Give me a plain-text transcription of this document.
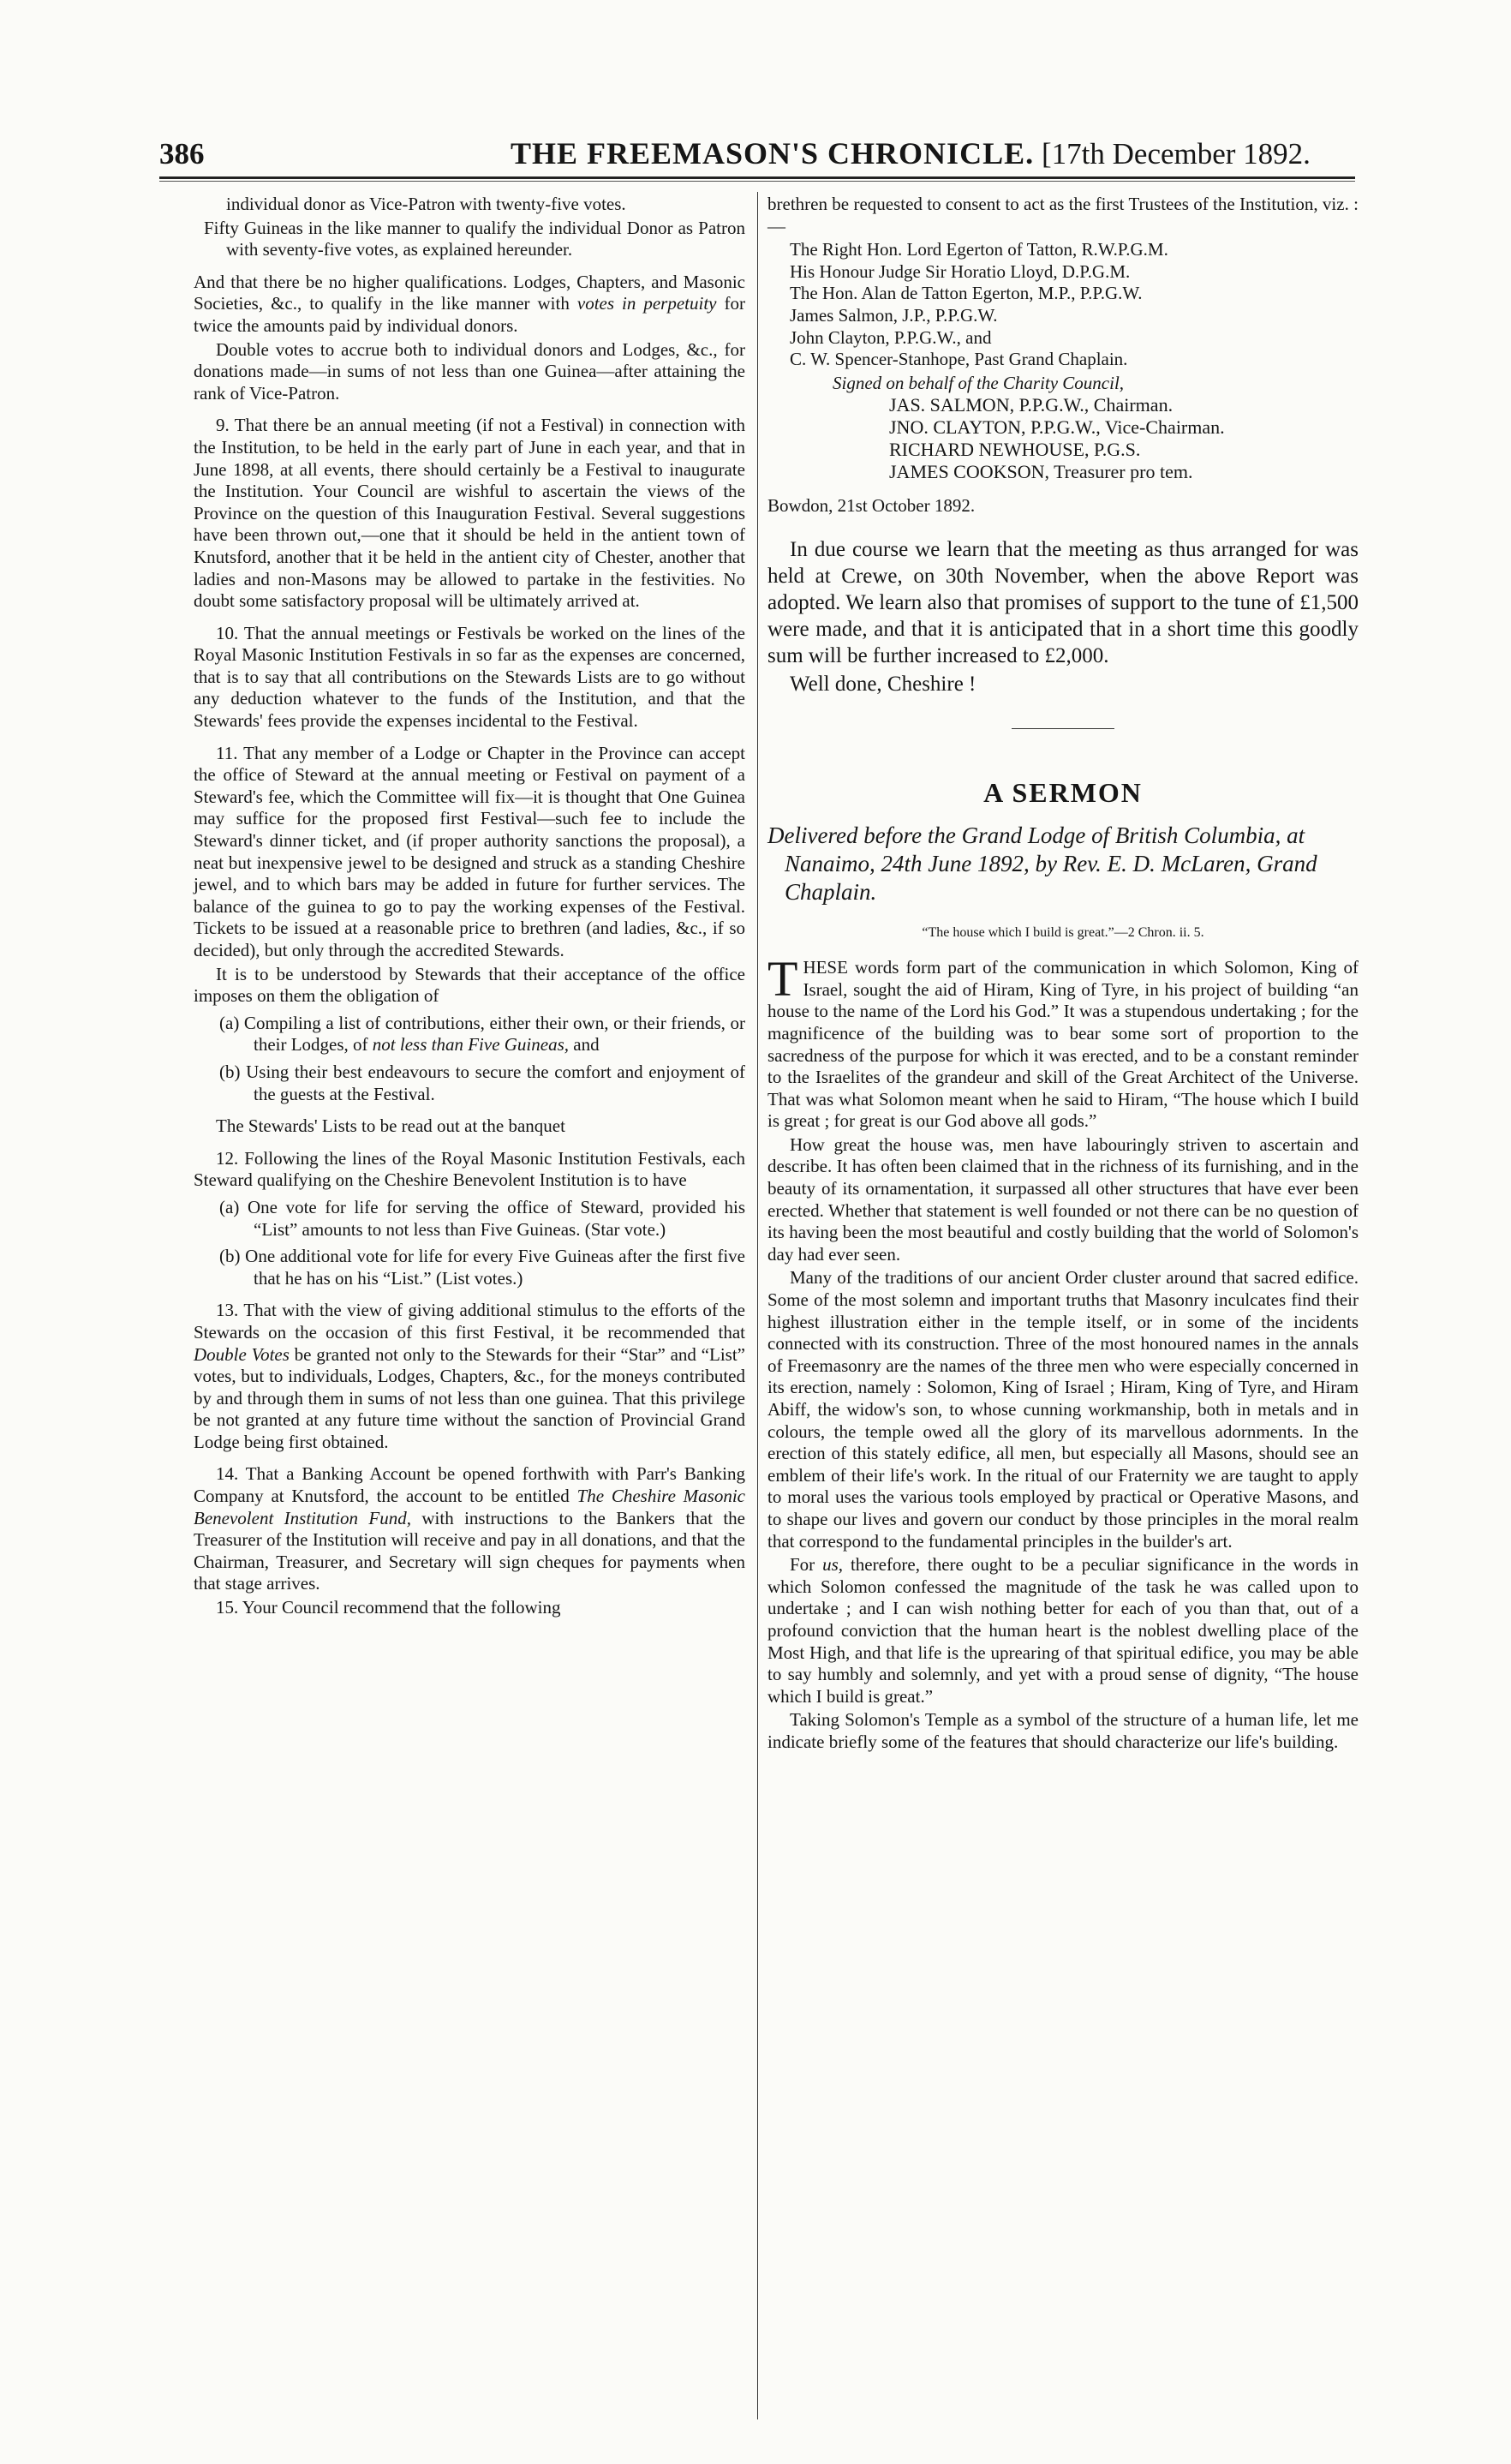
386	THE FREEMASON'S CHRONICLE. [17th December 1892.

individual donor as Vice-Patron with twenty-five votes.

Fifty Guineas in the like manner to qualify the individual Donor as Patron with seventy-five votes, as explained hereunder.

And that there be no higher qualifications. Lodges, Chapters, and Masonic Societies, &c., to qualify in the like manner with votes in perpetuity for twice the amounts paid by individual donors.

Double votes to accrue both to individual donors and Lodges, &c., for donations made—in sums of not less than one Guinea—after attaining the rank of Vice-Patron.

9. That there be an annual meeting (if not a Festival) in connection with the Institution, to be held in the early part of June in each year, and that in June 1898, at all events, there should certainly be a Festival to inaugurate the Institution. Your Council are wishful to ascertain the views of the Province on the question of this Inauguration Festival. Several suggestions have been thrown out,—one that it should be held in the antient town of Knutsford, another that it be held in the antient city of Chester, another that ladies and non-Masons may be allowed to partake in the festivities. No doubt some satisfactory proposal will be ultimately arrived at.

10. That the annual meetings or Festivals be worked on the lines of the Royal Masonic Institution Festivals in so far as the expenses are concerned, that is to say that all contributions on the Stewards Lists are to go without any deduction whatever to the funds of the Institution, and that the Stewards' fees provide the expenses incidental to the Festival.

11. That any member of a Lodge or Chapter in the Province can accept the office of Steward at the annual meeting or Festival on payment of a Steward's fee, which the Committee will fix—it is thought that One Guinea may suffice for the proposed first Festival—such fee to include the Steward's dinner ticket, and (if proper authority sanctions the proposal), a neat but inexpensive jewel to be designed and struck as a standing Cheshire jewel, and to which bars may be added in future for further services. The balance of the guinea to go to pay the working expenses of the Festival. Tickets to be issued at a reasonable price to brethren (and ladies, &c., if so decided), but only through the accredited Stewards.

It is to be understood by Stewards that their acceptance of the office imposes on them the obligation of

(a) Compiling a list of contributions, either their own, or their friends, or their Lodges, of not less than Five Guineas, and

(b) Using their best endeavours to secure the comfort and enjoyment of the guests at the Festival.

The Stewards' Lists to be read out at the banquet

12. Following the lines of the Royal Masonic Institution Festivals, each Steward qualifying on the Cheshire Benevolent Institution is to have

(a) One vote for life for serving the office of Steward, provided his “List” amounts to not less than Five Guineas. (Star vote.)

(b) One additional vote for life for every Five Guineas after the first five that he has on his “List.” (List votes.)

13. That with the view of giving additional stimulus to the efforts of the Stewards on the occasion of this first Festival, it be recommended that Double Votes be granted not only to the Stewards for their “Star” and “List” votes, but to individuals, Lodges, Chapters, &c., for the moneys contributed by and through them in sums of not less than one guinea. That this privilege be not granted at any future time without the sanction of Provincial Grand Lodge being first obtained.

14. That a Banking Account be opened forthwith with Parr's Banking Company at Knutsford, the account to be entitled The Cheshire Masonic Benevolent Institution Fund, with instructions to the Bankers that the Treasurer of the Institution will receive and pay in all donations, and that the Chairman, Treasurer, and Secretary will sign cheques for payments when that stage arrives.

15. Your Council recommend that the following

brethren be requested to consent to act as the first Trustees of the Institution, viz. :—

The Right Hon. Lord Egerton of Tatton, R.W.P.G.M.

His Honour Judge Sir Horatio Lloyd, D.P.G.M.

The Hon. Alan de Tatton Egerton, M.P., P.P.G.W.

James Salmon, J.P., P.P.G.W.

John Clayton, P.P.G.W., and

C. W. Spencer-Stanhope, Past Grand Chaplain.

Signed on behalf of the Charity Council,

JAS. SALMON, P.P.G.W., Chairman.

JNO. CLAYTON, P.P.G.W., Vice-Chairman.

RICHARD NEWHOUSE, P.G.S.

JAMES COOKSON, Treasurer pro tem.

Bowdon, 21st October 1892.

In due course we learn that the meeting as thus arranged for was held at Crewe, on 30th November, when the above Report was adopted. We learn also that promises of support to the tune of £1,500 were made, and that it is anticipated that in a short time this goodly sum will be further increased to £2,000.

Well done, Cheshire !

A SERMON

Delivered before the Grand Lodge of British Columbia, at Nanaimo, 24th June 1892, by Rev. E. D. McLaren, Grand Chaplain.

“The house which I build is great.”—2 Chron. ii. 5.

THESE words form part of the communication in which Solomon, King of Israel, sought the aid of Hiram, King of Tyre, in his project of building “an house to the name of the Lord his God.” It was a stupendous undertaking ; for the magnificence of the building was to bear some sort of proportion to the sacredness of the purpose for which it was erected, and to be a constant reminder to the Israelites of the grandeur and skill of the Great Architect of the Universe. That was what Solomon meant when he said to Hiram, “The house which I build is great ; for great is our God above all gods.”

How great the house was, men have labouringly striven to ascertain and describe. It has often been claimed that in the richness of its furnishing, and in the beauty of its ornamentation, it surpassed all other structures that have ever been erected. Whether that statement is well founded or not there can be no question of its having been the most beautiful and costly building that the world of Solomon's day had ever seen.

Many of the traditions of our ancient Order cluster around that sacred edifice. Some of the most solemn and important truths that Masonry inculcates find their highest illustration either in the temple itself, or in some of the incidents connected with its construction. Three of the most honoured names in the annals of Freemasonry are the names of the three men who were especially concerned in its erection, namely : Solomon, King of Israel ; Hiram, King of Tyre, and Hiram Abiff, the widow's son, to whose cunning workmanship, both in metals and in colours, the temple owed all the glory of its marvellous adornments. In the erection of this stately edifice, all men, but especially all Masons, should see an emblem of their life's work. In the ritual of our Fraternity we are taught to apply to moral uses the various tools employed by practical or Operative Masons, and to shape our lives and govern our conduct by those principles in the moral realm that correspond to the fundamental principles in the builder's art.

For us, therefore, there ought to be a peculiar significance in the words in which Solomon confessed the magnitude of the task he was called upon to undertake ; and I can wish nothing better for each of you than that, out of a profound conviction that the human heart is the noblest dwelling place of the Most High, and that life is the uprearing of that spiritual edifice, you may be able to say humbly and solemnly, and yet with a proud sense of dignity, “The house which I build is great.”

Taking Solomon's Temple as a symbol of the structure of a human life, let me indicate briefly some of the features that should characterize our life's building.
